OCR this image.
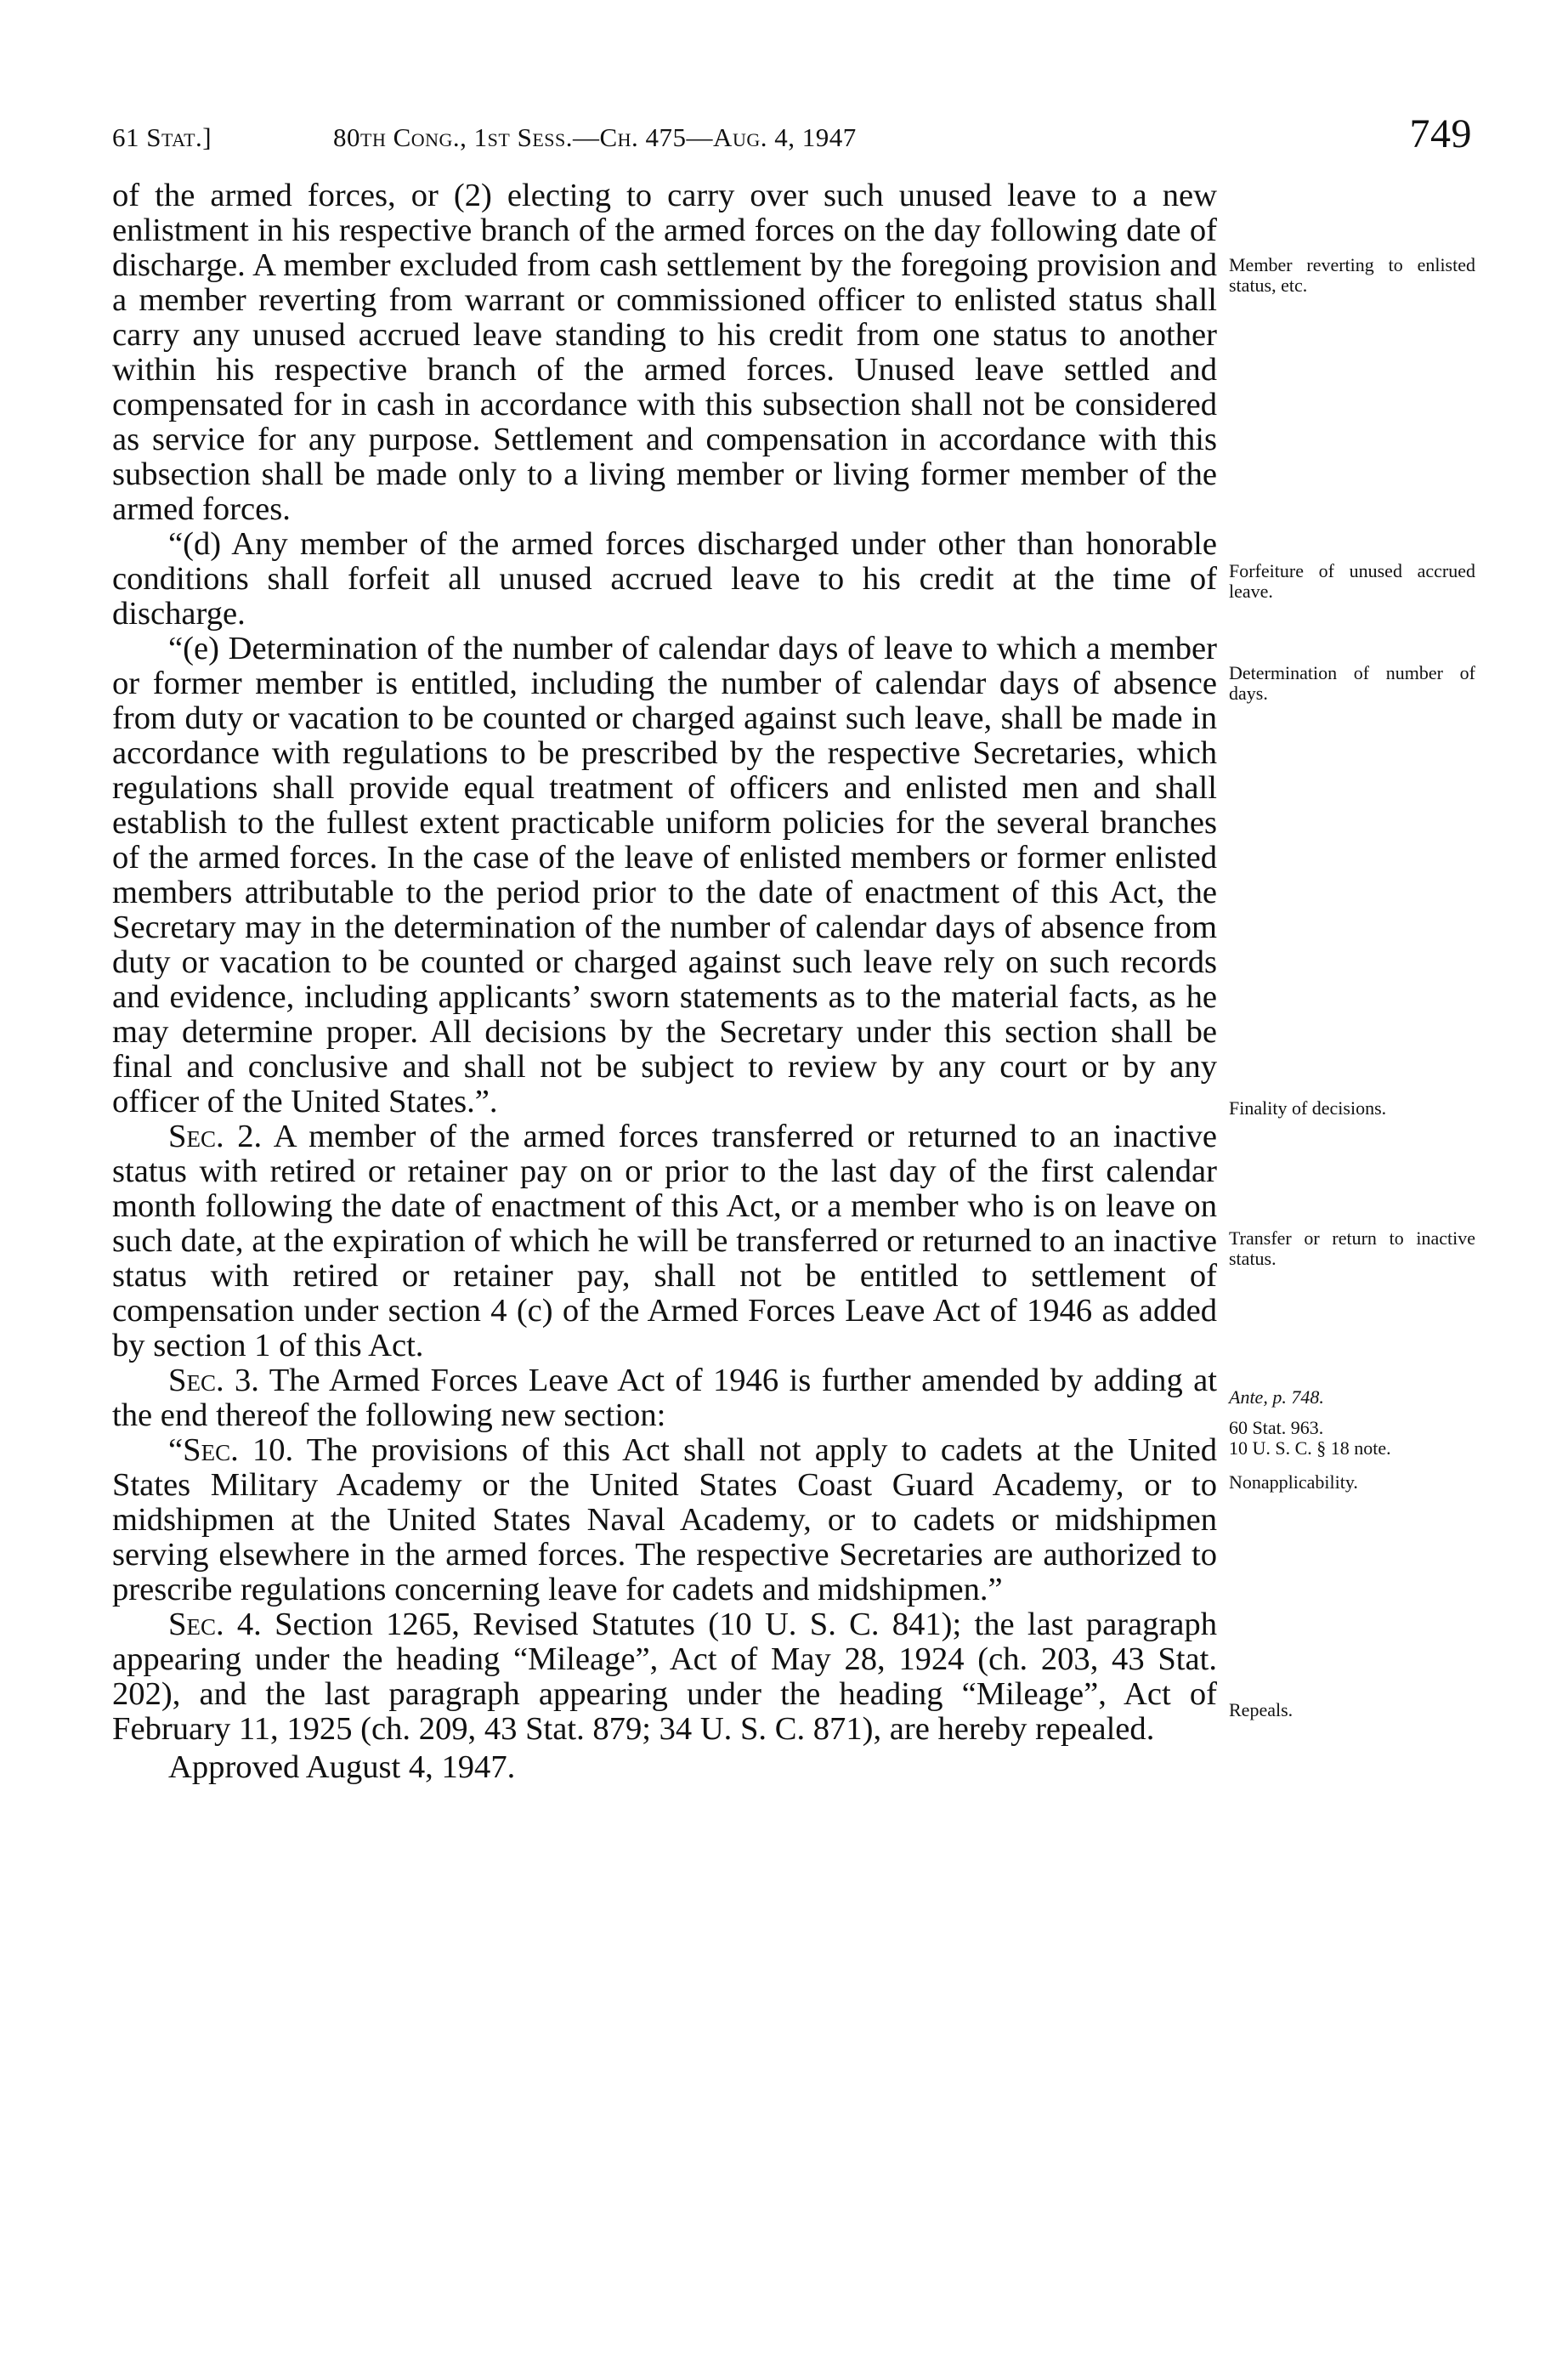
61 Stat.]	80th Cong., 1st Sess.—Ch. 475—Aug. 4, 1947	749

of the armed forces, or (2) electing to carry over such unused leave to a new enlistment in his respective branch of the armed forces on the day following date of discharge. A member excluded from cash settlement by the foregoing provision and a member reverting from warrant or commissioned officer to enlisted status shall carry any unused accrued leave standing to his credit from one status to another within his respective branch of the armed forces. Unused leave settled and compensated for in cash in accordance with this subsection shall not be considered as service for any purpose. Settlement and compensation in accordance with this subsection shall be made only to a living member or living former member of the armed forces.

“(d) Any member of the armed forces discharged under other than honorable conditions shall forfeit all unused accrued leave to his credit at the time of discharge.

“(e) Determination of the number of calendar days of leave to which a member or former member is entitled, including the number of calendar days of absence from duty or vacation to be counted or charged against such leave, shall be made in accordance with regulations to be prescribed by the respective Secretaries, which regulations shall provide equal treatment of officers and enlisted men and shall establish to the fullest extent practicable uniform policies for the several branches of the armed forces. In the case of the leave of enlisted members or former enlisted members attributable to the period prior to the date of enactment of this Act, the Secretary may in the determination of the number of calendar days of absence from duty or vacation to be counted or charged against such leave rely on such records and evidence, including applicants’ sworn statements as to the material facts, as he may determine proper. All decisions by the Secretary under this section shall be final and conclusive and shall not be subject to review by any court or by any officer of the United States.”.

Sec. 2. A member of the armed forces transferred or returned to an inactive status with retired or retainer pay on or prior to the last day of the first calendar month following the date of enactment of this Act, or a member who is on leave on such date, at the expiration of which he will be transferred or returned to an inactive status with retired or retainer pay, shall not be entitled to settlement of compensation under section 4 (c) of the Armed Forces Leave Act of 1946 as added by section 1 of this Act.

Sec. 3. The Armed Forces Leave Act of 1946 is further amended by adding at the end thereof the following new section:

“Sec. 10. The provisions of this Act shall not apply to cadets at the United States Military Academy or the United States Coast Guard Academy, or to midshipmen at the United States Naval Academy, or to cadets or midshipmen serving elsewhere in the armed forces. The respective Secretaries are authorized to prescribe regulations concerning leave for cadets and midshipmen.”

Sec. 4. Section 1265, Revised Statutes (10 U. S. C. 841); the last paragraph appearing under the heading “Mileage”, Act of May 28, 1924 (ch. 203, 43 Stat. 202), and the last paragraph appearing under the heading “Mileage”, Act of February 11, 1925 (ch. 209, 43 Stat. 879; 34 U. S. C. 871), are hereby repealed.

Approved August 4, 1947.

Member reverting to enlisted status, etc.
Forfeiture of unused accrued leave.
Determination of number of days.
Finality of decisions.
Transfer or return to inactive status.
Ante, p. 748.
60 Stat. 963.
10 U. S. C. § 18 note.
Nonapplicability.
Repeals.
